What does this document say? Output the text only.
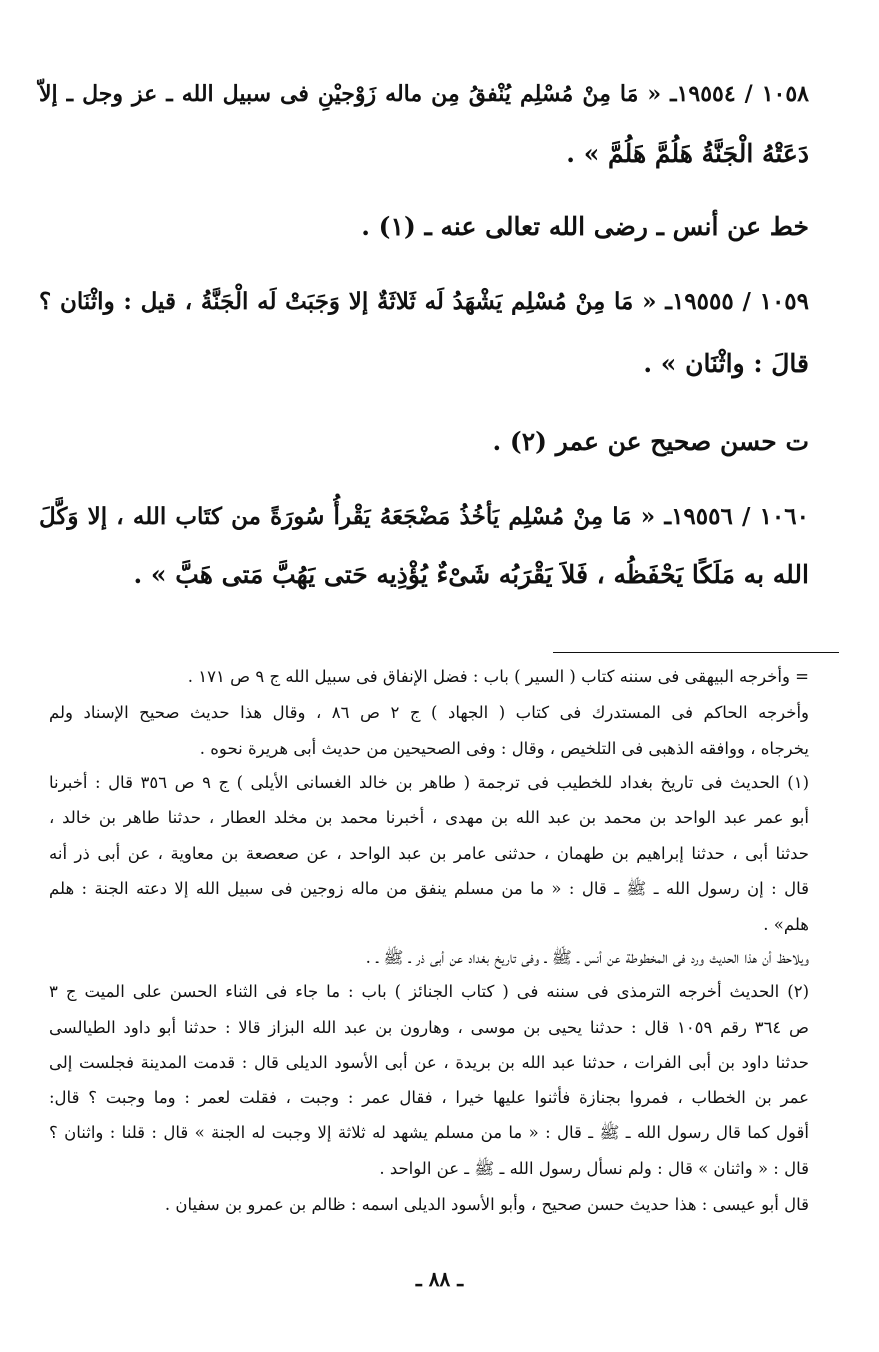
١٠٥٨ / ١٩٥٥٤ـ « مَا مِنْ مُسْلِم يُنْفقُ مِن ماله زَوْجيْنِ فى سبيل الله ـ عز وجل ـ إلاّ
دَعَتْهُ الْجَنَّةُ هَلُمَّ هَلُمَّ » .
خط عن أنس ـ رضى الله تعالى عنه ـ (١) .
١٠٥٩ / ١٩٥٥٥ـ « مَا مِنْ مُسْلِم يَشْهَدُ لَه ثَلاثَةٌ إلا وَجَبَتْ لَه الْجَنَّةُ ، قيل : واثْنَان ؟
قالَ : واثْنَان » .
ت حسن صحيح عن عمر (٢) .
١٠٦٠ / ١٩٥٥٦ـ « مَا مِنْ مُسْلِم يَأخُذُ مَضْجَعَهُ يَقْرأُ سُورَةً من كتَاب الله ، إلا وَكَّلَ
الله به مَلَكًا يَحْفَظُه ، فَلاَ يَقْرَبُه شَىْءٌ يُؤْذِيه حَتى يَهُبَّ مَتى هَبَّ » .
= وأخرجه البيهقى فى سننه كتاب ( السير ) باب : فضل الإنفاق فى سبيل الله ج ٩ ص ١٧١ .
وأخرجه الحاكم فى المستدرك فى كتاب ( الجهاد ) ج ٢ ص ٨٦ ، وقال هذا حديث صحيح الإسناد ولم
يخرجاه ، ووافقه الذهبى فى التلخيص ، وقال : وفى الصحيحين من حديث أبى هريرة نحوه .
(١) الحديث فى تاريخ بغداد للخطيب فى ترجمة ( طاهر بن خالد الغسانى الأيلى ) ج ٩ ص ٣٥٦ قال : أخبرنا
أبو عمر عبد الواحد بن محمد بن عبد الله بن مهدى ، أخبرنا محمد بن مخلد العطار ، حدثنا طاهر بن خالد ،
حدثنا أبى ، حدثنا إبراهيم بن طهمان ، حدثنى عامر بن عبد الواحد ، عن صعصعة بن معاوية ، عن أبى ذر أنه
قال : إن رسول الله ـ ﷺ ـ قال : « ما من مسلم ينفق من ماله زوجين فى سبيل الله إلا دعته الجنة : هلم
هلم» .
ويلاحظ أن هذا الحديث ورد فى المخطوطة عن أنس ـ ﷺ ـ وفى تاريخ بغداد عن أبى ذر ـ ﷺ ـ .
(٢) الحديث أخرجه الترمذى فى سننه فى ( كتاب الجنائز ) باب : ما جاء فى الثناء الحسن على الميت ج ٣
ص ٣٦٤ رقم ١٠٥٩ قال : حدثنا يحيى بن موسى ، وهارون بن عبد الله البزاز قالا : حدثنا أبو داود الطيالسى
حدثنا داود بن أبى الفرات ، حدثنا عبد الله بن بريدة ، عن أبى الأسود الديلى قال : قدمت المدينة فجلست إلى
عمر بن الخطاب ، فمروا بجنازة فأثنوا عليها خيرا ، فقال عمر : وجبت ، فقلت لعمر : وما وجبت ؟ قال:
أقول كما قال رسول الله ـ ﷺ ـ قال : « ما من مسلم يشهد له ثلاثة إلا وجبت له الجنة » قال : قلنا : واثنان ؟
قال : « واثنان » قال : ولم نسأل رسول الله ـ ﷺ ـ عن الواحد .
قال أبو عيسى : هذا حديث حسن صحيح ، وأبو الأسود الديلى اسمه : ظالم بن عمرو بن سفيان .
ـ ٨٨ ـ
